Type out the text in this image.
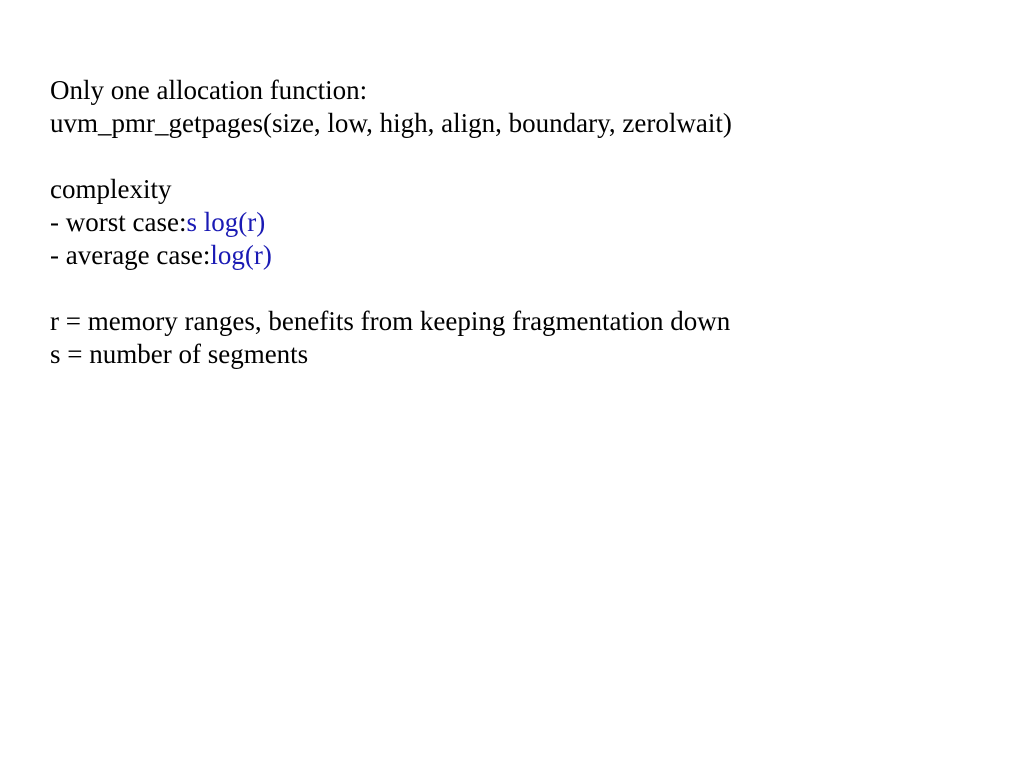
Only one allocation function:
uvm_pmr_getpages(size, low, high, align, boundary, zerolwait)
complexity
- worst case:s log(r)
- average case:log(r)
r = memory ranges, benefits from keeping fragmentation down
s = number of segments
